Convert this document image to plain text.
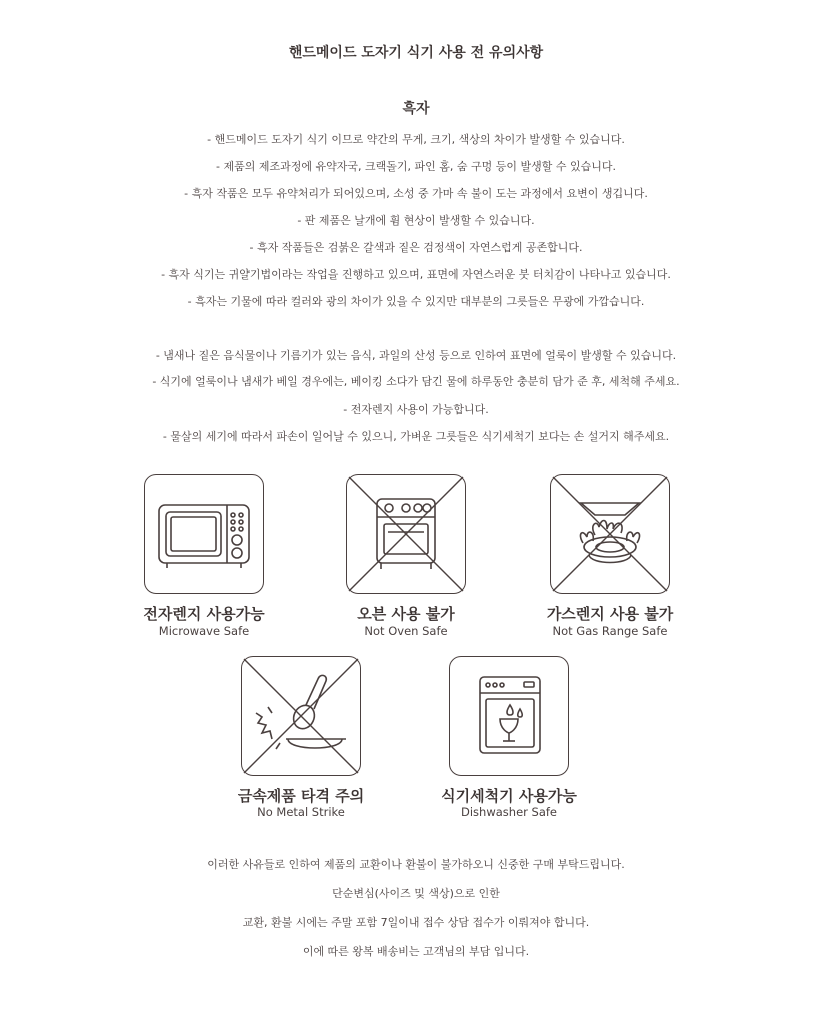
핸드메이드 도자기 식기 사용 전 유의사항
흑자
- 핸드메이드 도자기 식기 이므로 약간의 무게, 크기, 색상의 차이가 발생할 수 있습니다.
- 제품의 제조과정에 유약자국, 크랙돌기, 파인 홈, 숨 구멍 등이 발생할 수 있습니다.
- 흑자 작품은 모두 유약처리가 되어있으며, 소성 중 가마 속 불이 도는 과정에서 요변이 생깁니다.
- 판 제품은 날개에 휨 현상이 발생할 수 있습니다.
- 흑자 작품들은 검붉은 갈색과 짙은 검정색이 자연스럽게 공존합니다.
- 흑자 식기는 귀얄기법이라는 작업을 진행하고 있으며, 표면에 자연스러운 붓 터치감이 나타나고 있습니다.
- 흑자는 기물에 따라 컬러와 광의 차이가 있을 수 있지만 대부분의 그릇들은 무광에 가깝습니다.
- 냄새나 짙은 음식물이나 기름기가 있는 음식, 과일의 산성 등으로 인하여 표면에 얼룩이 발생할 수 있습니다.
- 식기에 얼룩이나 냄새가 베일 경우에는, 베이킹 소다가 담긴 물에 하루동안 충분히 담가 준 후, 세척해 주세요.
- 전자렌지 사용이 가능합니다.
- 물살의 세기에 따라서 파손이 일어날 수 있으니, 가벼운 그릇들은 식기세척기 보다는 손 설거지 해주세요.
전자렌지 사용가능
Microwave Safe
오븐 사용 불가
Not Oven Safe
가스렌지 사용 불가
Not Gas Range Safe
금속제품 타격 주의
No Metal Strike
식기세척기 사용가능
Dishwasher Safe
이러한 사유들로 인하여 제품의 교환이나 환불이 불가하오니 신중한 구매 부탁드립니다.
단순변심(사이즈 및 색상)으로 인한
교환, 환불 시에는 주말 포함 7일이내 접수 상담 접수가 이뤄져야 합니다.
이에 따른 왕복 배송비는 고객님의 부담 입니다.
